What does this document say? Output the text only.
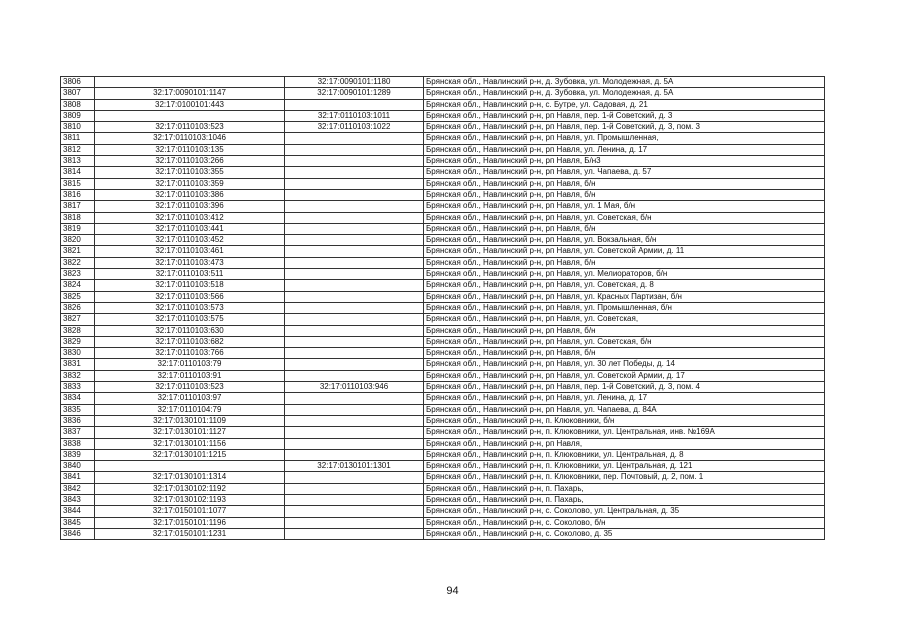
3806		32:17:0090101:1180	Брянская обл., Навлинский р-н, д. Зубовка, ул. Молодежная, д. 5А
3807	32:17:0090101:1147	32:17:0090101:1289	Брянская обл., Навлинский р-н, д. Зубовка, ул. Молодежная, д. 5А
3808	32:17:0100101:443		Брянская обл., Навлинский р-н, с. Бутре, ул. Садовая, д. 21
3809		32:17:0110103:1011	Брянская обл., Навлинский р-н, рп Навля, пер. 1-й Советский, д. 3
3810	32:17:0110103:523	32:17:0110103:1022	Брянская обл., Навлинский р-н, рп Навля, пер. 1-й Советский, д. 3, пом. 3
3811	32:17:0110103:1046		Брянская обл., Навлинский р-н, рп Навля, ул. Промышленная,
3812	32:17:0110103:135		Брянская обл., Навлинский р-н, рп Навля, ул. Ленина, д. 17
3813	32:17:0110103:266		Брянская обл., Навлинский р-н, рп Навля, Б/н3
3814	32:17:0110103:355		Брянская обл., Навлинский р-н, рп Навля, ул. Чапаева, д. 57
3815	32:17:0110103:359		Брянская обл., Навлинский р-н, рп Навля, б/н
3816	32:17:0110103:386		Брянская обл., Навлинский р-н, рп Навля, б/н
3817	32:17:0110103:396		Брянская обл., Навлинский р-н, рп Навля, ул. 1 Мая, б/н
3818	32:17:0110103:412		Брянская обл., Навлинский р-н, рп Навля, ул. Советская, б/н
3819	32:17:0110103:441		Брянская обл., Навлинский р-н, рп Навля, б/н
3820	32:17:0110103:452		Брянская обл., Навлинский р-н, рп Навля, ул. Вокзальная, б/н
3821	32:17:0110103:461		Брянская обл., Навлинский р-н, рп Навля, ул. Советской Армии, д. 11
3822	32:17:0110103:473		Брянская обл., Навлинский р-н, рп Навля, б/н
3823	32:17:0110103:511		Брянская обл., Навлинский р-н, рп Навля, ул. Мелиораторов, б/н
3824	32:17:0110103:518		Брянская обл., Навлинский р-н, рп Навля, ул. Советская, д. 8
3825	32:17:0110103:566		Брянская обл., Навлинский р-н, рп Навля, ул. Красных Партизан, б/н
3826	32:17:0110103:573		Брянская обл., Навлинский р-н, рп Навля, ул. Промышленная, б/н
3827	32:17:0110103:575		Брянская обл., Навлинский р-н, рп Навля, ул. Советская,
3828	32:17:0110103:630		Брянская обл., Навлинский р-н, рп Навля, б/н
3829	32:17:0110103:682		Брянская обл., Навлинский р-н, рп Навля, ул. Советская, б/н
3830	32:17:0110103:766		Брянская обл., Навлинский р-н, рп Навля, б/н
3831	32:17:0110103:79		Брянская обл., Навлинский р-н, рп Навля, ул. 30 лет Победы, д. 14
3832	32:17:0110103:91		Брянская обл., Навлинский р-н, рп Навля, ул. Советской Армии, д. 17
3833	32:17:0110103:523	32:17:0110103:946	Брянская обл., Навлинский р-н, рп Навля, пер. 1-й Советский, д. 3, пом. 4
3834	32:17:0110103:97		Брянская обл., Навлинский р-н, рп Навля, ул. Ленина, д. 17
3835	32:17:0110104:79		Брянская обл., Навлинский р-н, рп Навля, ул. Чапаева, д. 84А
3836	32:17:0130101:1109		Брянская обл., Навлинский р-н, п. Клюковники, б/н
3837	32:17:0130101:1127		Брянская обл., Навлинский р-н, п. Клюковники, ул. Центральная, инв. №169А
3838	32:17:0130101:1156		Брянская обл., Навлинский р-н, рп Навля,
3839	32:17:0130101:1215		Брянская обл., Навлинский р-н, п. Клюковники, ул. Центральная, д. 8
3840		32:17:0130101:1301	Брянская обл., Навлинский р-н, п. Клюковники, ул. Центральная, д. 121
3841	32:17:0130101:1314		Брянская обл., Навлинский р-н, п. Клюковники, пер. Почтовый, д. 2, пом. 1
3842	32:17:0130102:1192		Брянская обл., Навлинский р-н, п. Пахарь,
3843	32:17:0130102:1193		Брянская обл., Навлинский р-н, п. Пахарь,
3844	32:17:0150101:1077		Брянская обл., Навлинский р-н, с. Соколово, ул. Центральная, д. 35
3845	32:17:0150101:1196		Брянская обл., Навлинский р-н, с. Соколово, б/н
3846	32:17:0150101:1231		Брянская обл., Навлинский р-н, с. Соколово, д. 35
94
